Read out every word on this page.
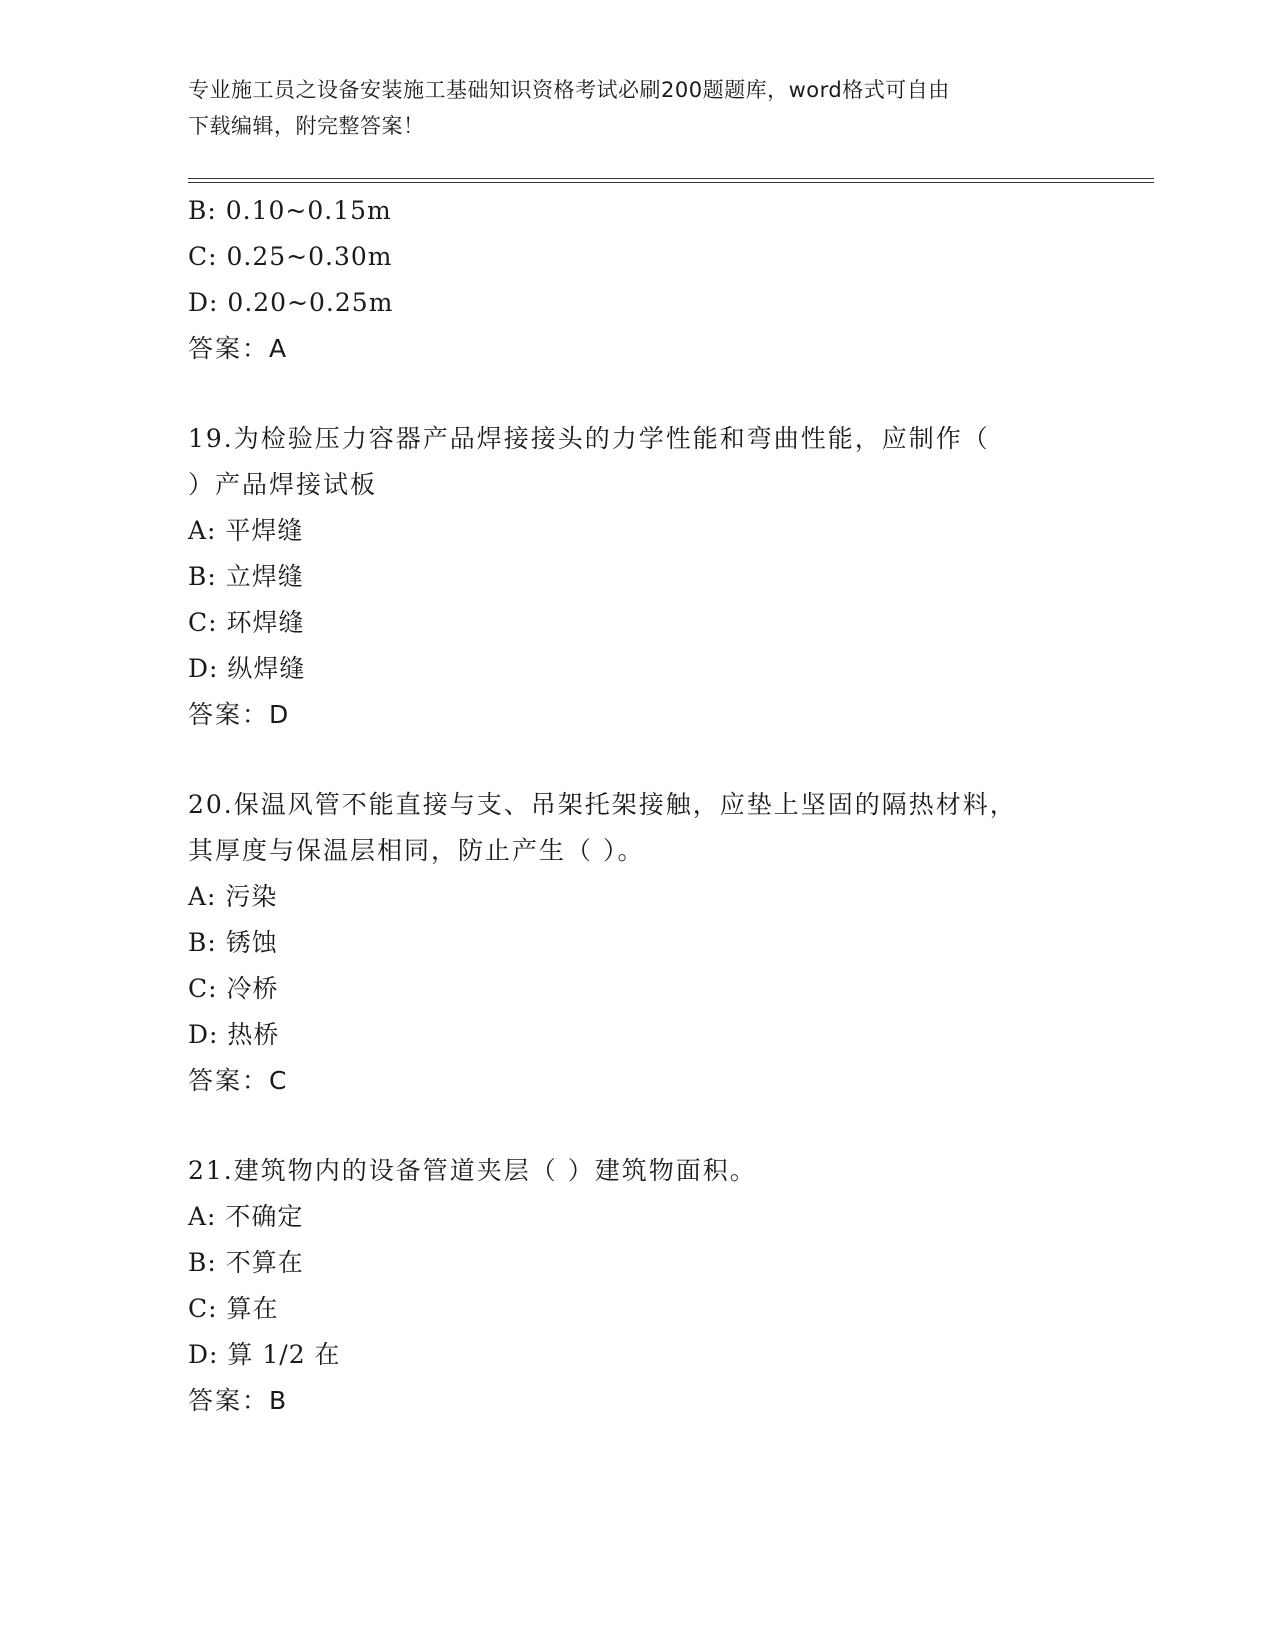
专业施工员之设备安装施工基础知识资格考试必刷200题题库，word格式可自由
下载编辑，附完整答案！
B: 0.10~0.15m
C: 0.25~0.30m
D: 0.20~0.25m
答案：A
19.为检验压力容器产品焊接接头的力学性能和弯曲性能，应制作（
）产品焊接试板
A: 平焊缝
B: 立焊缝
C: 环焊缝
D: 纵焊缝
答案：D
20.保温风管不能直接与支、吊架托架接触，应垫上坚固的隔热材料，
其厚度与保温层相同，防止产生（ ）。
A: 污染
B: 锈蚀
C: 冷桥
D: 热桥
答案：C
21.建筑物内的设备管道夹层（ ）建筑物面积。
A: 不确定
B: 不算在
C: 算在
D: 算 1/2 在
答案：B
